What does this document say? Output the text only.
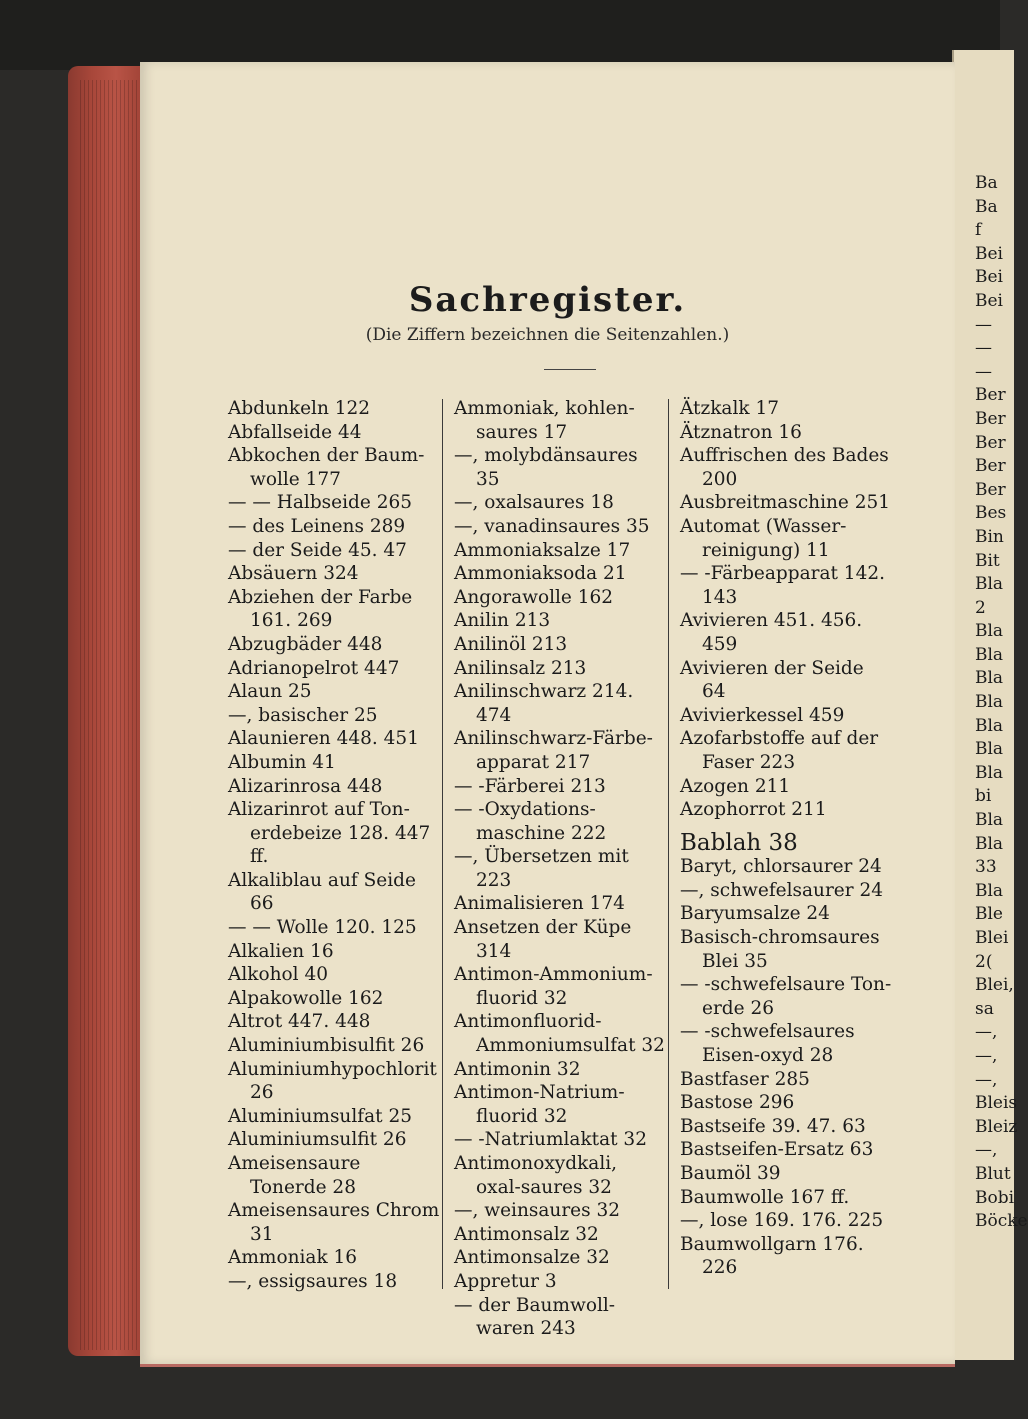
Ba
Ba
f
Bei
Bei
Bei
—
—
—
Ber
Ber
Ber
Ber
Ber
Bes
Bin
Bit
Bla
2
Bla
Bla
Bla
Bla
Bla
Bla
Bla
bi
Bla
Bla
33
Bla
Ble
Blei
2(
Blei,
sa
—,
—,
—,
Bleis
Bleiz
—,
Blut
Bobi
Böcke
Sachregister.
(Die Ziffern bezeichnen die Seitenzahlen.)
Abdunkeln 122
Abfallseide 44
Abkochen der Baum-wolle 177
— — Halbseide 265
— des Leinens 289
— der Seide 45. 47
Absäuern 324
Abziehen der Farbe 161. 269
Abzugbäder 448
Adrianopelrot 447
Alaun 25
—, basischer 25
Alaunieren 448. 451
Albumin 41
Alizarinrosa 448
Alizarinrot auf Ton-erdebeize 128. 447 ff.
Alkaliblau auf Seide 66
— — Wolle 120. 125
Alkalien 16
Alkohol 40
Alpakowolle 162
Altrot 447. 448
Aluminiumbisulfit 26
Aluminiumhypochlorit 26
Aluminiumsulfat 25
Aluminiumsulfit 26
Ameisensaure Tonerde 28
Ameisensaures Chrom 31
Ammoniak 16
—, essigsaures 18
Ammoniak, kohlen-saures 17
—, molybdänsaures 35
—, oxalsaures 18
—, vanadinsaures 35
Ammoniaksalze 17
Ammoniaksoda 21
Angorawolle 162
Anilin 213
Anilinöl 213
Anilinsalz 213
Anilinschwarz 214. 474
Anilinschwarz-Färbe-apparat 217
— -Färberei 213
— -Oxydations-maschine 222
—, Übersetzen mit 223
Animalisieren 174
Ansetzen der Küpe 314
Antimon-Ammonium-fluorid 32
Antimonfluorid-Ammoniumsulfat 32
Antimonin 32
Antimon-Natrium-fluorid 32
— -Natriumlaktat 32
Antimonoxydkali, oxal-saures 32
—, weinsaures 32
Antimonsalz 32
Antimonsalze 32
Appretur 3
— der Baumwoll-waren 243
Ätzkalk 17
Ätznatron 16
Auffrischen des Bades 200
Ausbreitmaschine 251
Automat (Wasser-reinigung) 11
— -Färbeapparat 142. 143
Avivieren 451. 456. 459
Avivieren der Seide 64
Avivierkessel 459
Azofarbstoffe auf der Faser 223
Azogen 211
Azophorrot 211
Bablah 38
Baryt, chlorsaurer 24
—, schwefelsaurer 24
Baryumsalze 24
Basisch-chromsaures Blei 35
— -schwefelsaure Ton-erde 26
— -schwefelsaures Eisen-oxyd 28
Bastfaser 285
Bastose 296
Bastseife 39. 47. 63
Bastseifen-Ersatz 63
Baumöl 39
Baumwolle 167 ff.
—, lose 169. 176. 225
Baumwollgarn 176. 226
